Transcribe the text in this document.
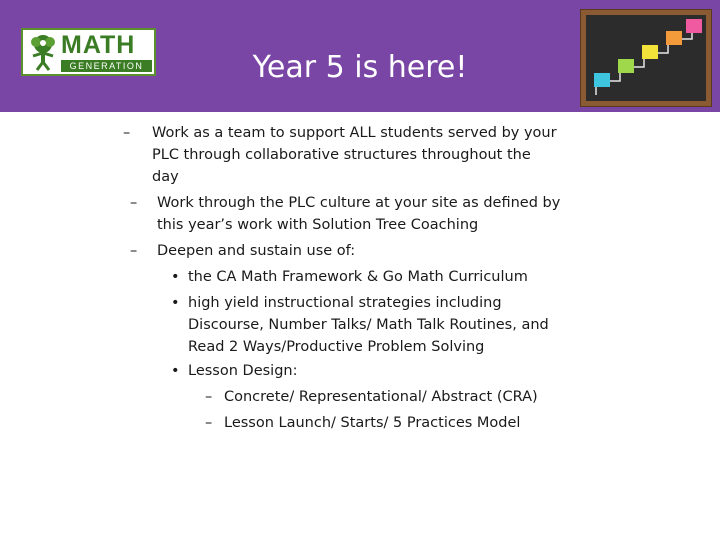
MATH
GENERATION	Year 5 is here!
– Work as a team to support ALL students served by your
PLC through collaborative structures throughout the
day
– Work through the PLC culture at your site as defined by
this year’s work with Solution Tree Coaching
– Deepen and sustain use of:
• the CA Math Framework & Go Math Curriculum
• high yield instructional strategies including
Discourse, Number Talks/ Math Talk Routines, and
Read 2 Ways/Productive Problem Solving
• Lesson Design:
– Concrete/ Representational/ Abstract (CRA)
– Lesson Launch/ Starts/ 5 Practices Model
